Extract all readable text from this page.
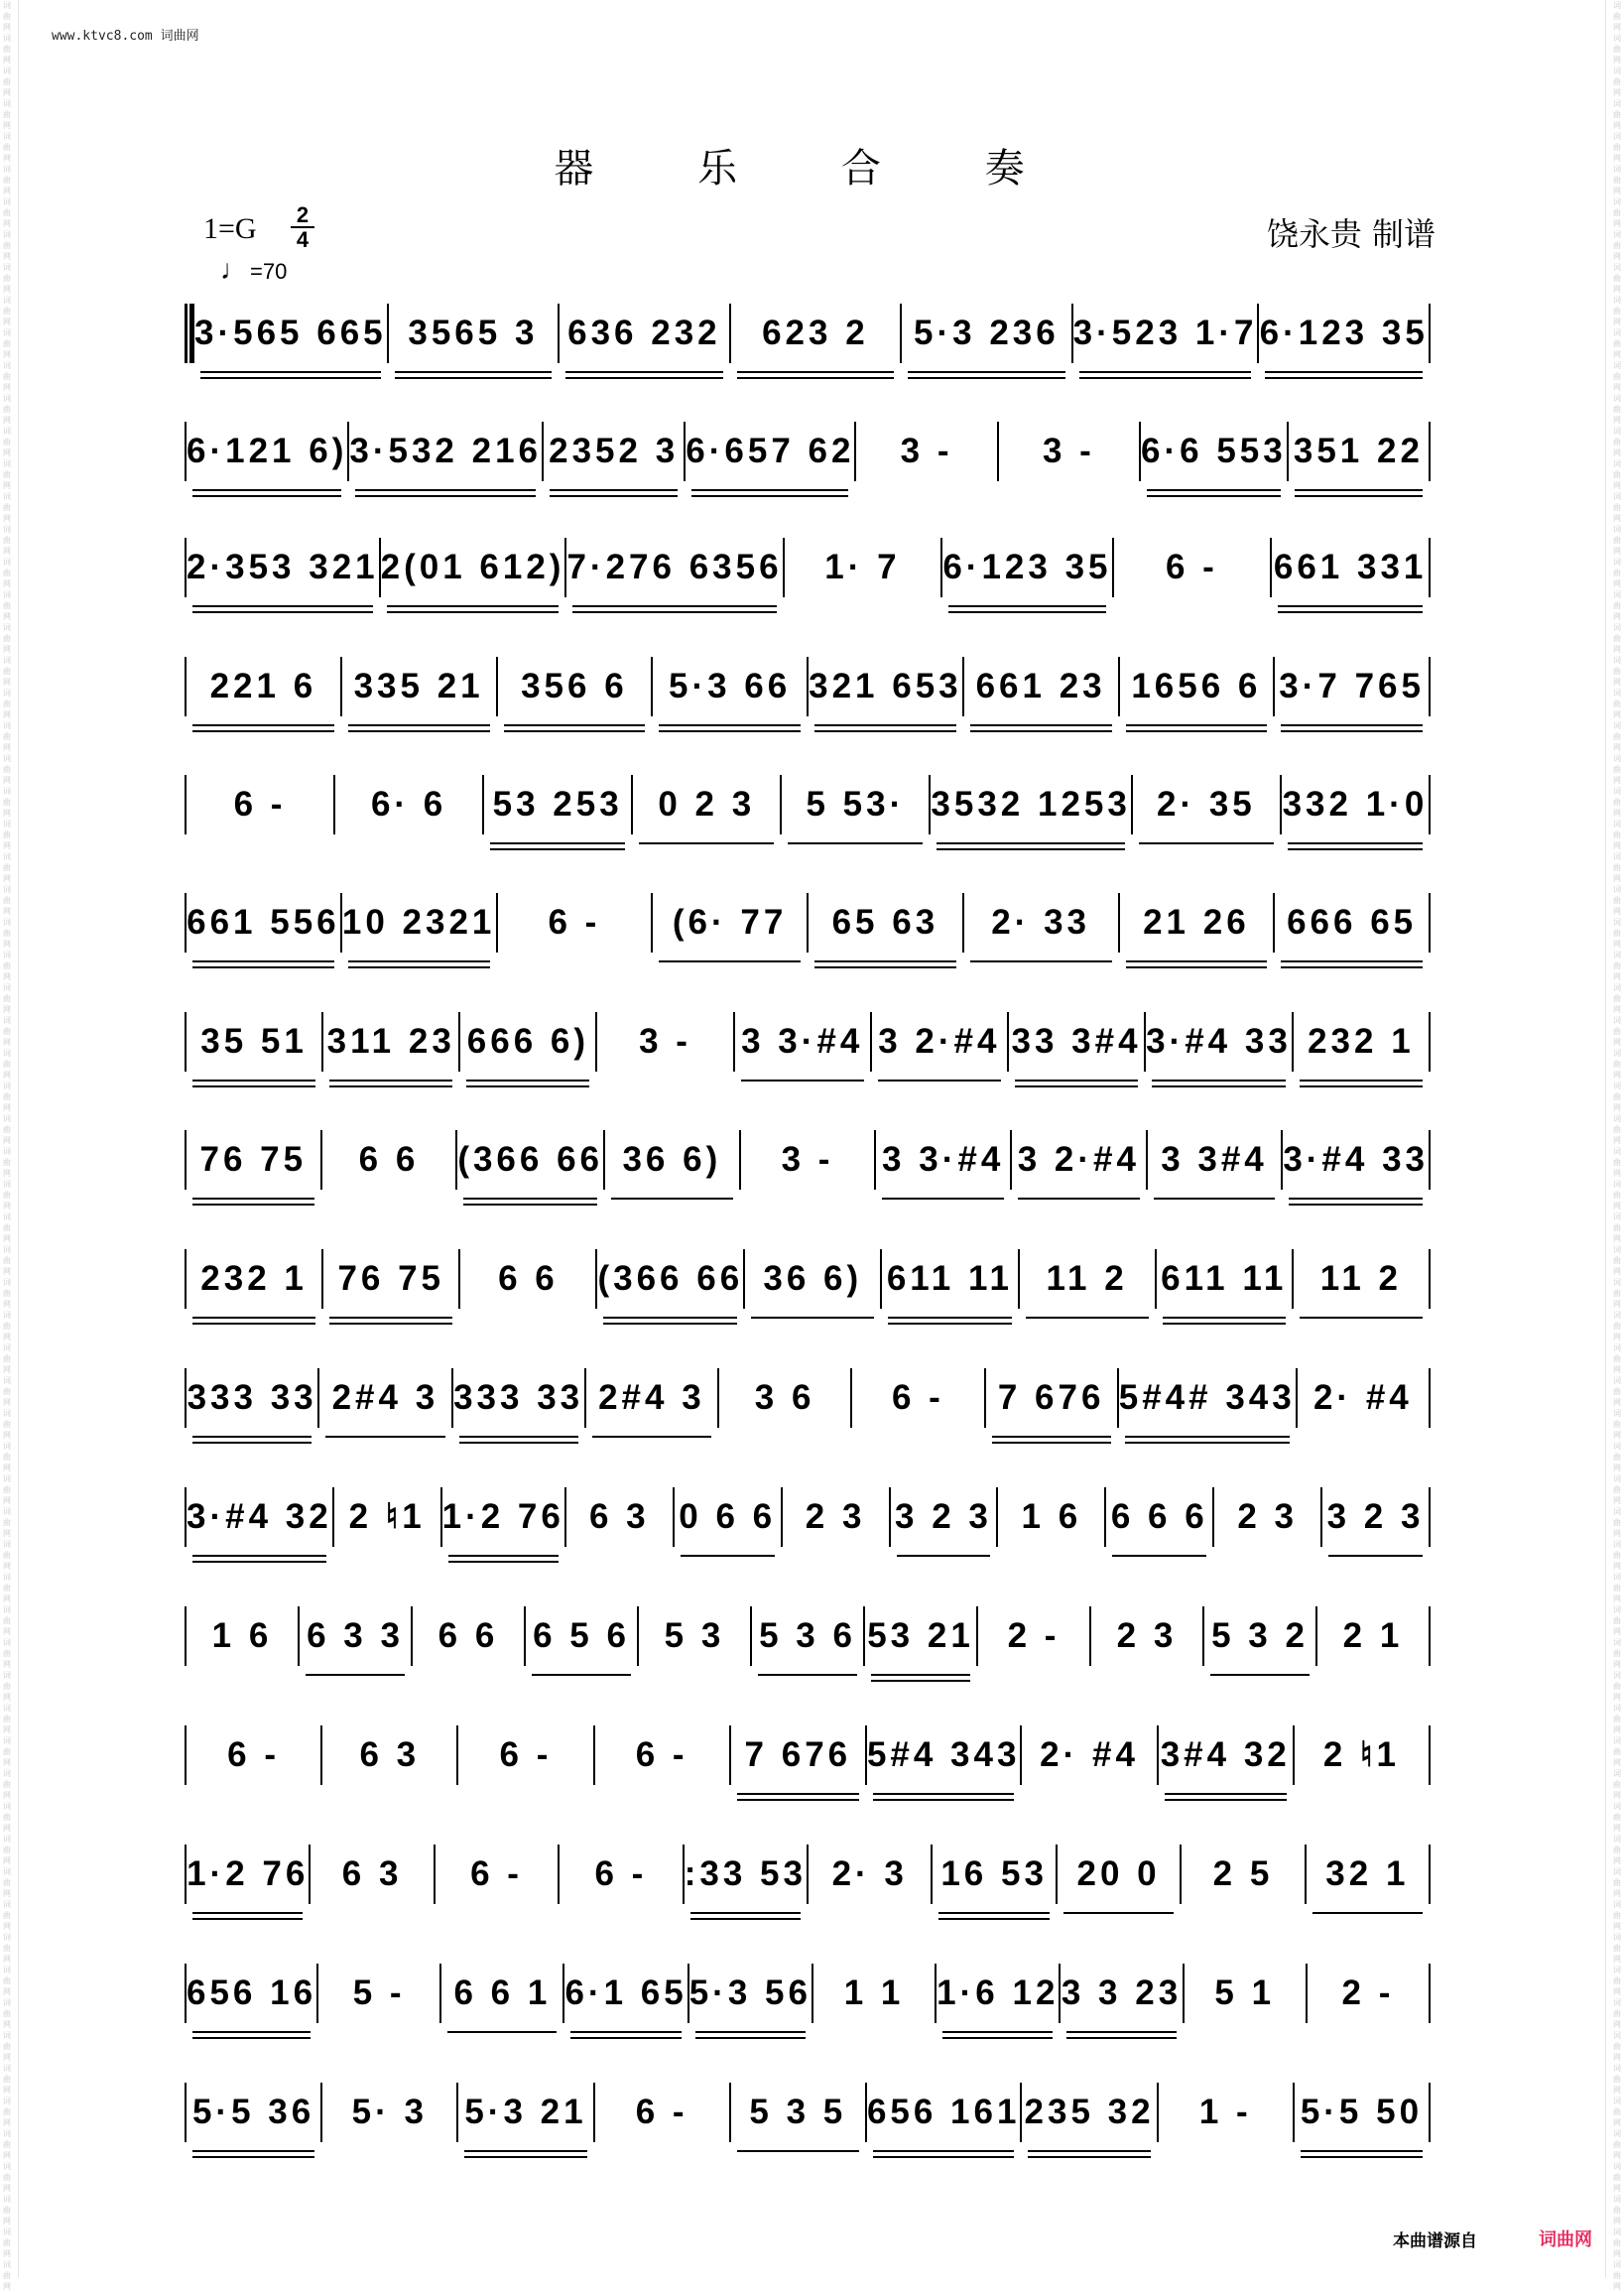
词曲网
词曲网
词曲网
词曲网
词曲网
词曲网
词曲网
词曲网
词曲网
词曲网
词曲网
词曲网
词曲网
词曲网
词曲网
词曲网
词曲网
词曲网
词曲网
词曲网
词曲网
词曲网
词曲网
词曲网
词曲网
词曲网
词曲网
词曲网
词曲网
词曲网
词曲网
词曲网
词曲网
词曲网
词曲网
词曲网
词曲网
词曲网
词曲网
词曲网
词曲网
词曲网
词曲网
词曲网
词曲网
词曲网
词曲网
词曲网
词曲网
词曲网
词曲网
词曲网
词曲网
词曲网
词曲网
词曲网
词曲网
词曲网
词曲网
词曲网
词曲网
词曲网
词曲网
词曲网
词曲网
词曲网
词曲网
词曲网
词曲网
词曲网

词曲网
词曲网
词曲网
词曲网
词曲网
词曲网
词曲网
词曲网
词曲网
词曲网
词曲网
词曲网
词曲网
词曲网
词曲网
词曲网
词曲网
词曲网
词曲网
词曲网
词曲网
词曲网
词曲网
词曲网
词曲网
词曲网
词曲网
词曲网
词曲网
词曲网
词曲网
词曲网
词曲网
词曲网
词曲网
词曲网
词曲网
词曲网
词曲网
词曲网
词曲网
词曲网
词曲网
词曲网
词曲网
词曲网
词曲网
词曲网
词曲网
词曲网
词曲网
词曲网
词曲网
词曲网
词曲网
词曲网
词曲网
词曲网
词曲网
词曲网
词曲网
词曲网
词曲网
词曲网
词曲网
词曲网
词曲网
词曲网
词曲网
词曲网

www.ktvc8.com 词曲网
器 乐 合 奏
1=G 2
4
♩=70
饶永贵 制谱
3·565 665 3565 3 636 232	623 2	5·3 236 3·523 1·7 6·123 35
6·121 6) 3·532 216 2352 3 6·657 62	3 -	3 -	6·6 553 351 22
2·353 321 2(01 612) 7·276 6356	1· 7	6·123 35	6 -	661 331
221 6	335 21	356 6	5·3 66 321 653 661 23 1656 6 3·7 765
6 -	6· 6	53 253	0 2 3	5 53· 3532 1253 2· 35 332 1·0
661 556 10 2321	6 -	(6· 77	65 63	2· 33	21 26	666 65
35 51 311 23 666 6)	3 -	3 3·#4 3 2·#4 33 3#4 3·#4 33 232 1
76 75	6 6	(366 66 36 6)	3 -	3 3·#4 3 2·#4 3 3#4 3·#4 33
232 1 76 75	6 6	(366 66 36 6) 611 11 11 2 611 11 11 2
333 33 2#4 3 333 33 2#4 3	3 6	6 -	7 676 5#4# 343 2· #4
3·#4 32 2 ♮1 1·2 76 6 3 0 6 6 2 3 3 2 3 1 6 6 6 6 2 3 3 2 3
1 6 6 3 3 6 6 6 5 6 5 3 5 3 6 53 21 2 -	2 3 5 3 2 2 1
6 -	6 3	6 -	6 -	7 676 5#4 343 2· #4 3#4 32 2 ♮1
1·2 76 6 3	6 -	6 -	:33 53 2· 3 16 53 20 0	2 5	32 1
656 16	5 -	6 6 1 6·1 65 5·3 56 1 1 1·6 12 3 3 23 5 1	2 -
5·5 36	5· 3	5·3 21	6 -	5 3 5 656 161 235 32	1 -	5·5 50
本曲谱源自	词曲网
